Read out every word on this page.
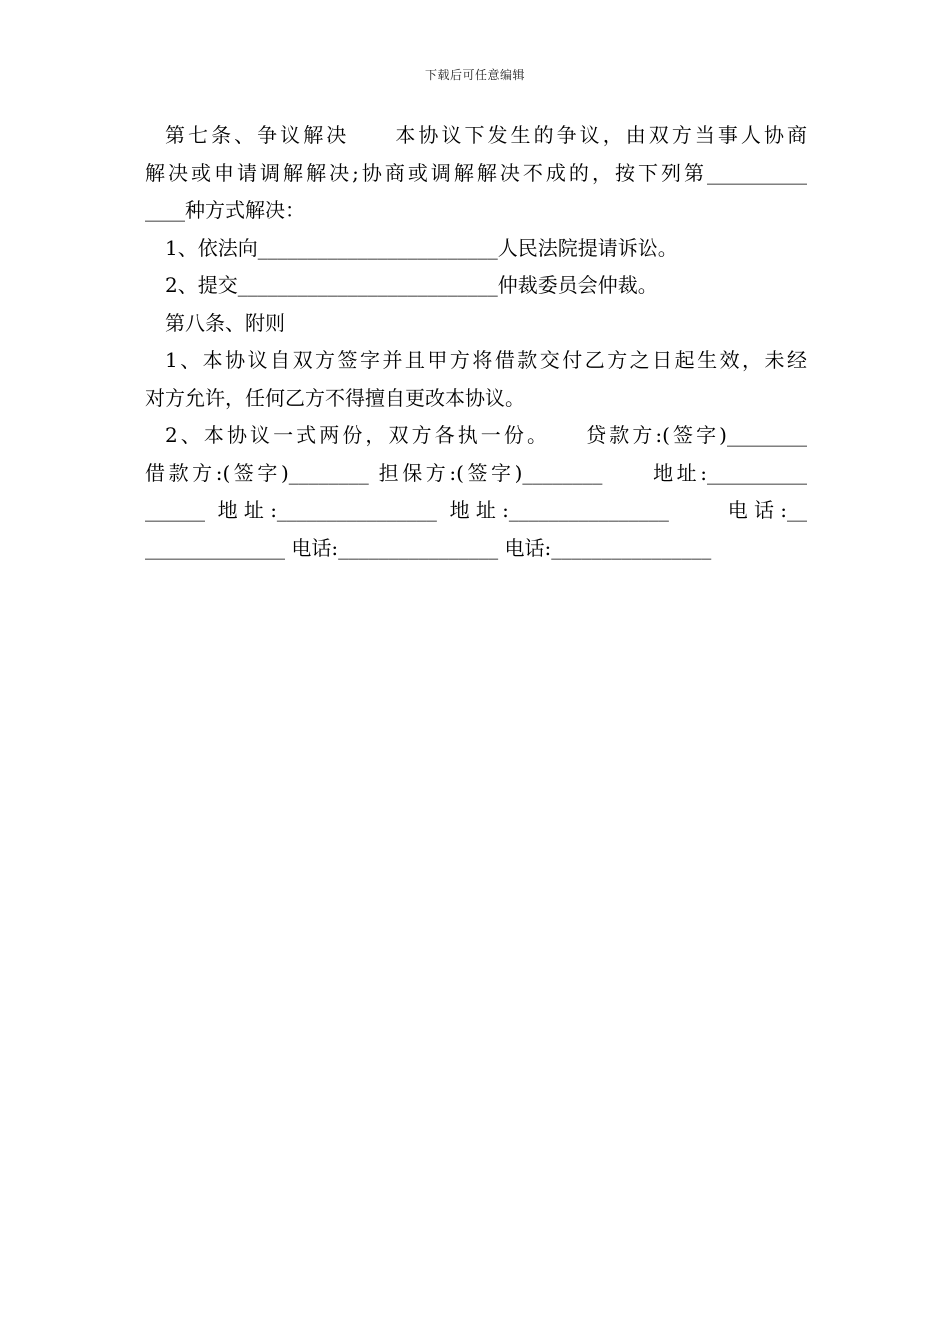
下载后可任意编辑
第七条、争议解决　　本协议下发生的争议，由双方当事人协商
解决或申请调解解决;协商或调解解决不成的，按下列第__________
____种方式解决：
1、依法向________________________人民法院提请诉讼。
2、提交__________________________仲裁委员会仲裁。
第八条、附则
1、本协议自双方签字并且甲方将借款交付乙方之日起生效，未经
对方允许，任何乙方不得擅自更改本协议。
2、本协议一式两份，双方各执一份。　　贷款方:(签字)________
借款方:(签字)________ 担保方:(签字)________　　地址:__________
______ 地址:________________ 地址:________________　　电话:__
______________ 电话:________________ 电话:________________
